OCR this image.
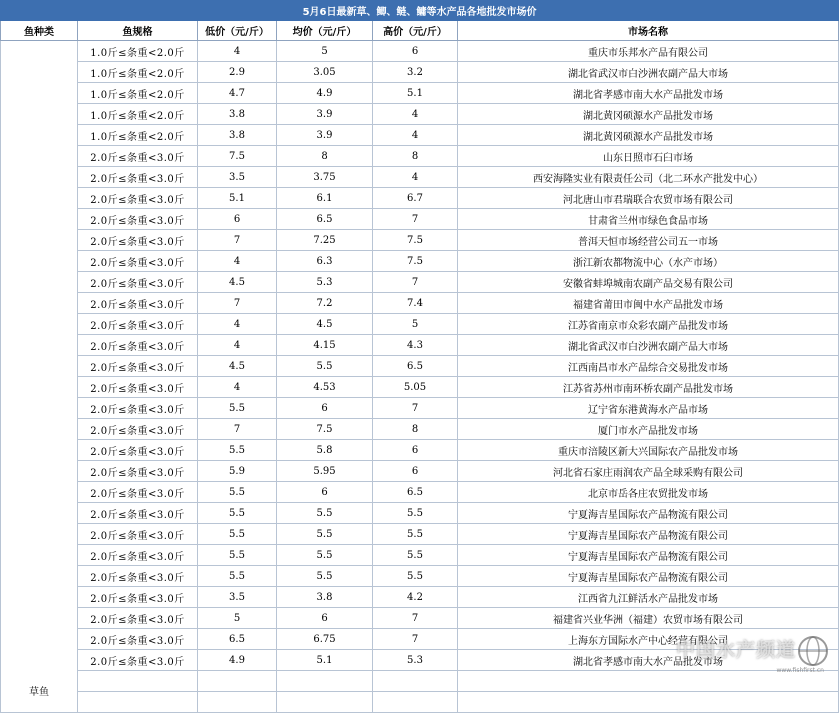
5月6日最新草、鲫、鲢、鳙等水产品各地批发市场价					
鱼种类	鱼规格	低价（元/斤）	均价（元/斤）	高价（元/斤）	市场名称
草鱼	1.0斤≤条重<2.0斤	4	5	6	重庆市乐邦水产品有限公司
	1.0斤≤条重<2.0斤	2.9	3.05	3.2	湖北省武汉市白沙洲农副产品大市场
	1.0斤≤条重<2.0斤	4.7	4.9	5.1	湖北省孝感市南大水产品批发市场
	1.0斤≤条重<2.0斤	3.8	3.9	4	湖北黄冈硕源水产品批发市场
	1.0斤≤条重<2.0斤	3.8	3.9	4	湖北黄冈硕源水产品批发市场
	2.0斤≤条重<3.0斤	7.5	8	8	山东日照市石臼市场
	2.0斤≤条重<3.0斤	3.5	3.75	4	西安海隆实业有限责任公司（北二环水产批发中心）
	2.0斤≤条重<3.0斤	5.1	6.1	6.7	河北唐山市君瑞联合农贸市场有限公司
	2.0斤≤条重<3.0斤	6	6.5	7	甘肃省兰州市绿色食品市场
	2.0斤≤条重<3.0斤	7	7.25	7.5	普洱天恒市场经营公司五一市场
	2.0斤≤条重<3.0斤	4	6.3	7.5	浙江新农都物流中心（水产市场）
	2.0斤≤条重<3.0斤	4.5	5.3	7	安徽省蚌埠城南农副产品交易有限公司
	2.0斤≤条重<3.0斤	7	7.2	7.4	福建省莆田市闽中水产品批发市场
	2.0斤≤条重<3.0斤	4	4.5	5	江苏省南京市众彩农副产品批发市场
	2.0斤≤条重<3.0斤	4	4.15	4.3	湖北省武汉市白沙洲农副产品大市场
	2.0斤≤条重<3.0斤	4.5	5.5	6.5	江西南昌市水产品综合交易批发市场
	2.0斤≤条重<3.0斤	4	4.53	5.05	江苏省苏州市南环桥农副产品批发市场
	2.0斤≤条重<3.0斤	5.5	6	7	辽宁省东港黄海水产品市场
	2.0斤≤条重<3.0斤	7	7.5	8	厦门市水产品批发市场
	2.0斤≤条重<3.0斤	5.5	5.8	6	重庆市涪陵区新大兴国际农产品批发市场
	2.0斤≤条重<3.0斤	5.9	5.95	6	河北省石家庄雨润农产品全球采购有限公司
	2.0斤≤条重<3.0斤	5.5	6	6.5	北京市岳各庄农贸批发市场
	2.0斤≤条重<3.0斤	5.5	5.5	5.5	宁夏海吉星国际农产品物流有限公司
	2.0斤≤条重<3.0斤	5.5	5.5	5.5	宁夏海吉星国际农产品物流有限公司
	2.0斤≤条重<3.0斤	5.5	5.5	5.5	宁夏海吉星国际农产品物流有限公司
	2.0斤≤条重<3.0斤	5.5	5.5	5.5	宁夏海吉星国际农产品物流有限公司
	2.0斤≤条重<3.0斤	3.5	3.8	4.2	江西省九江鲜活水产品批发市场
	2.0斤≤条重<3.0斤	5	6	7	福建省兴业华洲（福建）农贸市场有限公司
	2.0斤≤条重<3.0斤	6.5	6.75	7	上海东方国际水产中心经营有限公司
	2.0斤≤条重<3.0斤	4.9	5.1	5.3	湖北省孝感市南大水产品批发市场

中国水产频道
www.fishfirst.cn
